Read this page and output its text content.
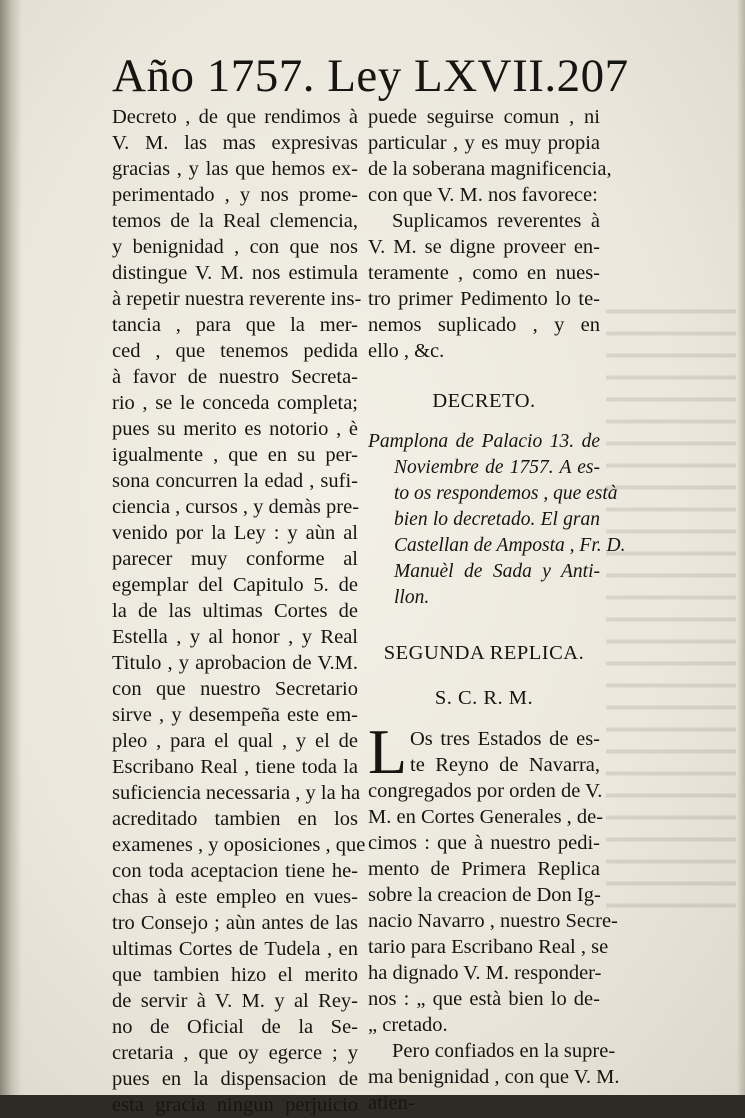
Año 1757. Ley LXVII. 207
Decreto , de que rendimos à
V. M. las mas expresivas
gracias , y las que hemos ex-
perimentado , y nos prome-
temos de la Real clemencia,
y benignidad , con que nos
distingue V. M. nos estimula
à repetir nuestra reverente ins-
tancia , para que la mer-
ced , que tenemos pedida
à favor de nuestro Secreta-
rio , se le conceda completa;
pues su merito es notorio , è
igualmente , que en su per-
sona concurren la edad , sufi-
ciencia , cursos , y demàs pre-
venido por la Ley : y aùn al
parecer muy conforme al
egemplar del Capitulo 5. de
la de las ultimas Cortes de
Estella , y al honor , y Real
Titulo , y aprobacion de V.M.
con que nuestro Secretario
sirve , y desempeña este em-
pleo , para el qual , y el de
Escribano Real , tiene toda la
suficiencia necessaria , y la ha
acreditado tambien en los
examenes , y oposiciones , que
con toda aceptacion tiene he-
chas à este empleo en vues-
tro Consejo ; aùn antes de las
ultimas Cortes de Tudela , en
que tambien hizo el merito
de servir à V. M. y al Rey-
no de Oficial de la Se-
cretaria , que oy egerce ; y
pues en la dispensacion de
esta gracia ningun perjuicio
puede seguirse comun , ni
particular , y es muy propia
de la soberana magnificencia,
con que V. M. nos favorece:
Suplicamos reverentes à
V. M. se digne proveer en-
teramente , como en nues-
tro primer Pedimento lo te-
nemos suplicado , y en
ello , &c.
DECRETO.
Pamplona de Palacio 13. de
Noviembre de 1757. A es-
to os respondemos , que està
bien lo decretado. El gran
Castellan de Amposta , Fr. D.
Manuèl de Sada y Anti-
llon.
SEGUNDA REPLICA.
S. C. R. M.
L Os tres Estados de es-
te Reyno de Navarra,
congregados por orden de V.
M. en Cortes Generales , de-
cimos : que à nuestro pedi-
mento de Primera Replica
sobre la creacion de Don Ig-
nacio Navarro , nuestro Secre-
tario para Escribano Real , se
ha dignado V. M. responder-
nos : „ que està bien lo de-
„ cretado.
Pero confiados en la supre-
ma benignidad , con que V. M.
atien-
